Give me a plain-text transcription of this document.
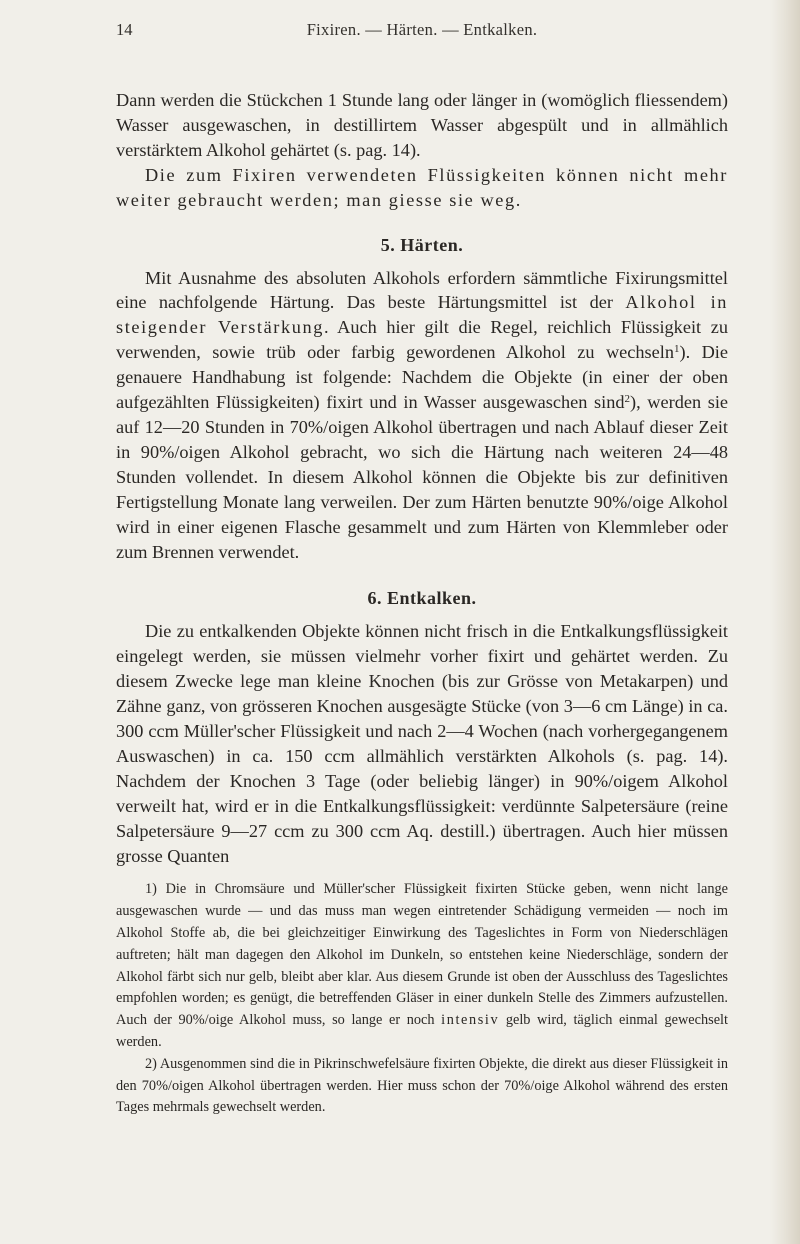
14	Fixiren. — Härten. — Entkalken.

Dann werden die Stückchen 1 Stunde lang oder länger in (womöglich fliessendem) Wasser ausgewaschen, in destillirtem Wasser abgespült und in allmählich verstärktem Alkohol gehärtet (s. pag. 14).

Die zum Fixiren verwendeten Flüssigkeiten können nicht mehr weiter gebraucht werden; man giesse sie weg.

5. Härten.

Mit Ausnahme des absoluten Alkohols erfordern sämmtliche Fixirungsmittel eine nachfolgende Härtung. Das beste Härtungsmittel ist der Alkohol in steigender Verstärkung. Auch hier gilt die Regel, reichlich Flüssigkeit zu verwenden, sowie trüb oder farbig gewordenen Alkohol zu wechseln$^1$). Die genauere Handhabung ist folgende: Nachdem die Objekte (in einer der oben aufgezählten Flüssigkeiten) fixirt und in Wasser ausgewaschen sind$^2$), werden sie auf 12—20 Stunden in 70%/oigen Alkohol übertragen und nach Ablauf dieser Zeit in 90%/oigen Alkohol gebracht, wo sich die Härtung nach weiteren 24—48 Stunden vollendet. In diesem Alkohol können die Objekte bis zur definitiven Fertigstellung Monate lang verweilen. Der zum Härten benutzte 90%/oige Alkohol wird in einer eigenen Flasche gesammelt und zum Härten von Klemmleber oder zum Brennen verwendet.

6. Entkalken.

Die zu entkalkenden Objekte können nicht frisch in die Entkalkungsflüssigkeit eingelegt werden, sie müssen vielmehr vorher fixirt und gehärtet werden. Zu diesem Zwecke lege man kleine Knochen (bis zur Grösse von Metakarpen) und Zähne ganz, von grösseren Knochen ausgesägte Stücke (von 3—6 cm Länge) in ca. 300 ccm Müller'scher Flüssigkeit und nach 2—4 Wochen (nach vorhergegangenem Auswaschen) in ca. 150 ccm allmählich verstärkten Alkohols (s. pag. 14). Nachdem der Knochen 3 Tage (oder beliebig länger) in 90%/oigem Alkohol verweilt hat, wird er in die Entkalkungsflüssigkeit: verdünnte Salpetersäure (reine Salpetersäure 9—27 ccm zu 300 ccm Aq. destill.) übertragen. Auch hier müssen grosse Quanten

1) Die in Chromsäure und Müller'scher Flüssigkeit fixirten Stücke geben, wenn nicht lange ausgewaschen wurde — und das muss man wegen eintretender Schädigung vermeiden — noch im Alkohol Stoffe ab, die bei gleichzeitiger Einwirkung des Tageslichtes in Form von Niederschlägen auftreten; hält man dagegen den Alkohol im Dunkeln, so entstehen keine Niederschläge, sondern der Alkohol färbt sich nur gelb, bleibt aber klar. Aus diesem Grunde ist oben der Ausschluss des Tageslichtes empfohlen worden; es genügt, die betreffenden Gläser in einer dunkeln Stelle des Zimmers aufzustellen. Auch der 90%/oige Alkohol muss, so lange er noch intensiv gelb wird, täglich einmal gewechselt werden.

2) Ausgenommen sind die in Pikrinschwefelsäure fixirten Objekte, die direkt aus dieser Flüssigkeit in den 70%/oigen Alkohol übertragen werden. Hier muss schon der 70%/oige Alkohol während des ersten Tages mehrmals gewechselt werden.
